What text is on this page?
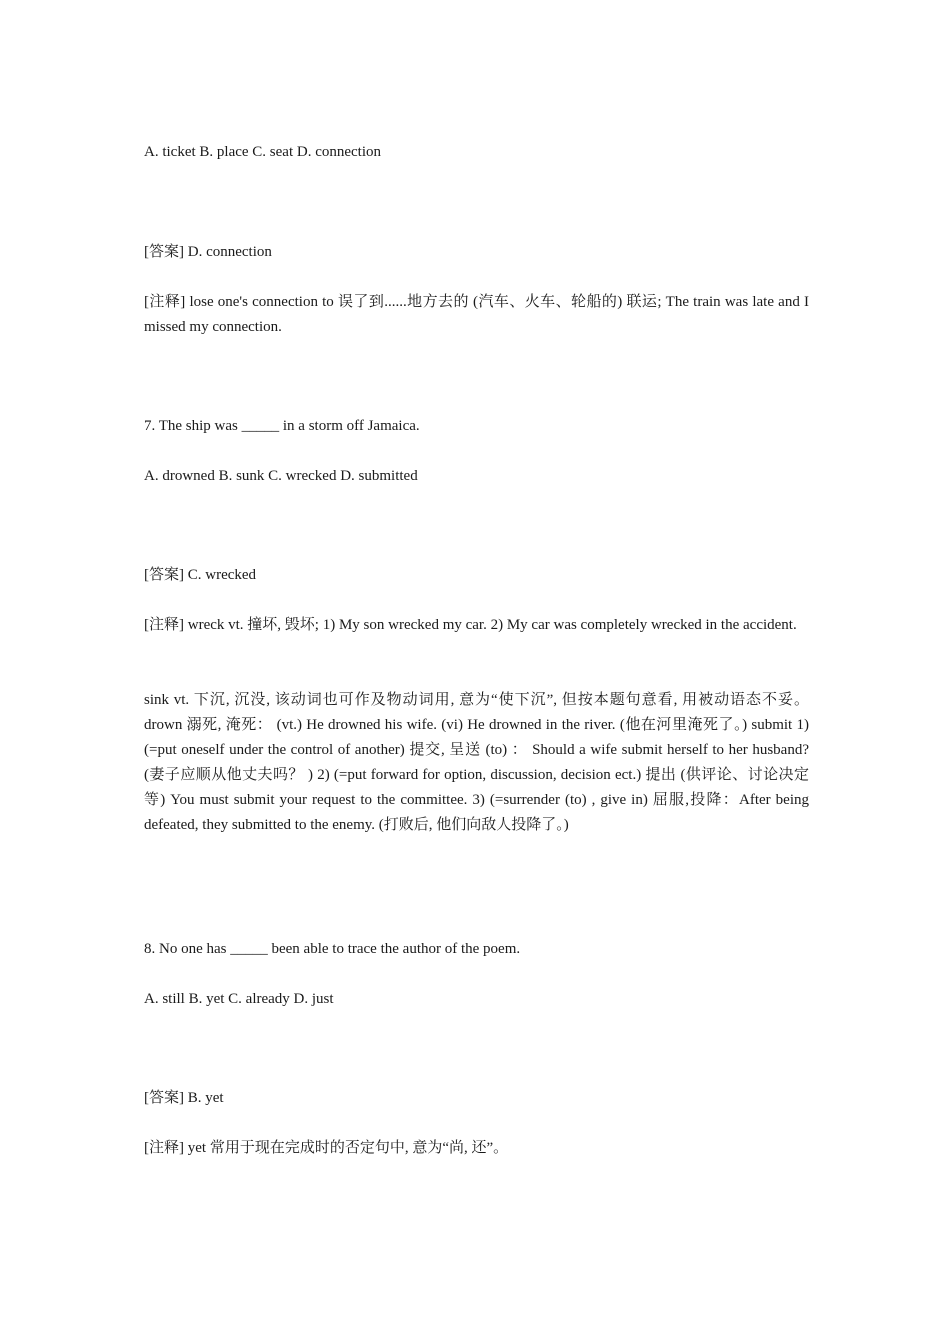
A. ticket B. place C. seat D. connection

[答案] D. connection

[注释] lose one's connection to 误了到......地方去的 (汽车、火车、轮船的) 联运; The train was late and I missed my connection.

7. The ship was _____ in a storm off Jamaica.

A. drowned B. sunk C. wrecked D. submitted

[答案] C. wrecked

[注释] wreck vt. 撞坏, 毁坏; 1) My son wrecked my car. 2) My car was completely wrecked in the accident.

sink vt. 下沉, 沉没, 该动词也可作及物动词用, 意为“使下沉”, 但按本题句意看, 用被动语态不妥。 drown 溺死, 淹死： (vt.) He drowned his wife. (vi) He drowned in the river. (他在河里淹死了。) submit 1) (=put oneself under the control of another) 提交, 呈送 (to) ： Should a wife submit herself to her husband? (妻子应顺从他丈夫吗？ ) 2) (=put forward for option, discussion, decision ect.) 提出 (供评论、讨论决定等) You must submit your request to the committee. 3) (=surrender (to) , give in) 屈服,投降：After being defeated, they submitted to the enemy. (打败后, 他们向敌人投降了。)

8. No one has _____ been able to trace the author of the poem.

A. still B. yet C. already D. just

[答案] B. yet

[注释] yet 常用于现在完成时的否定句中, 意为“尚, 还”。
